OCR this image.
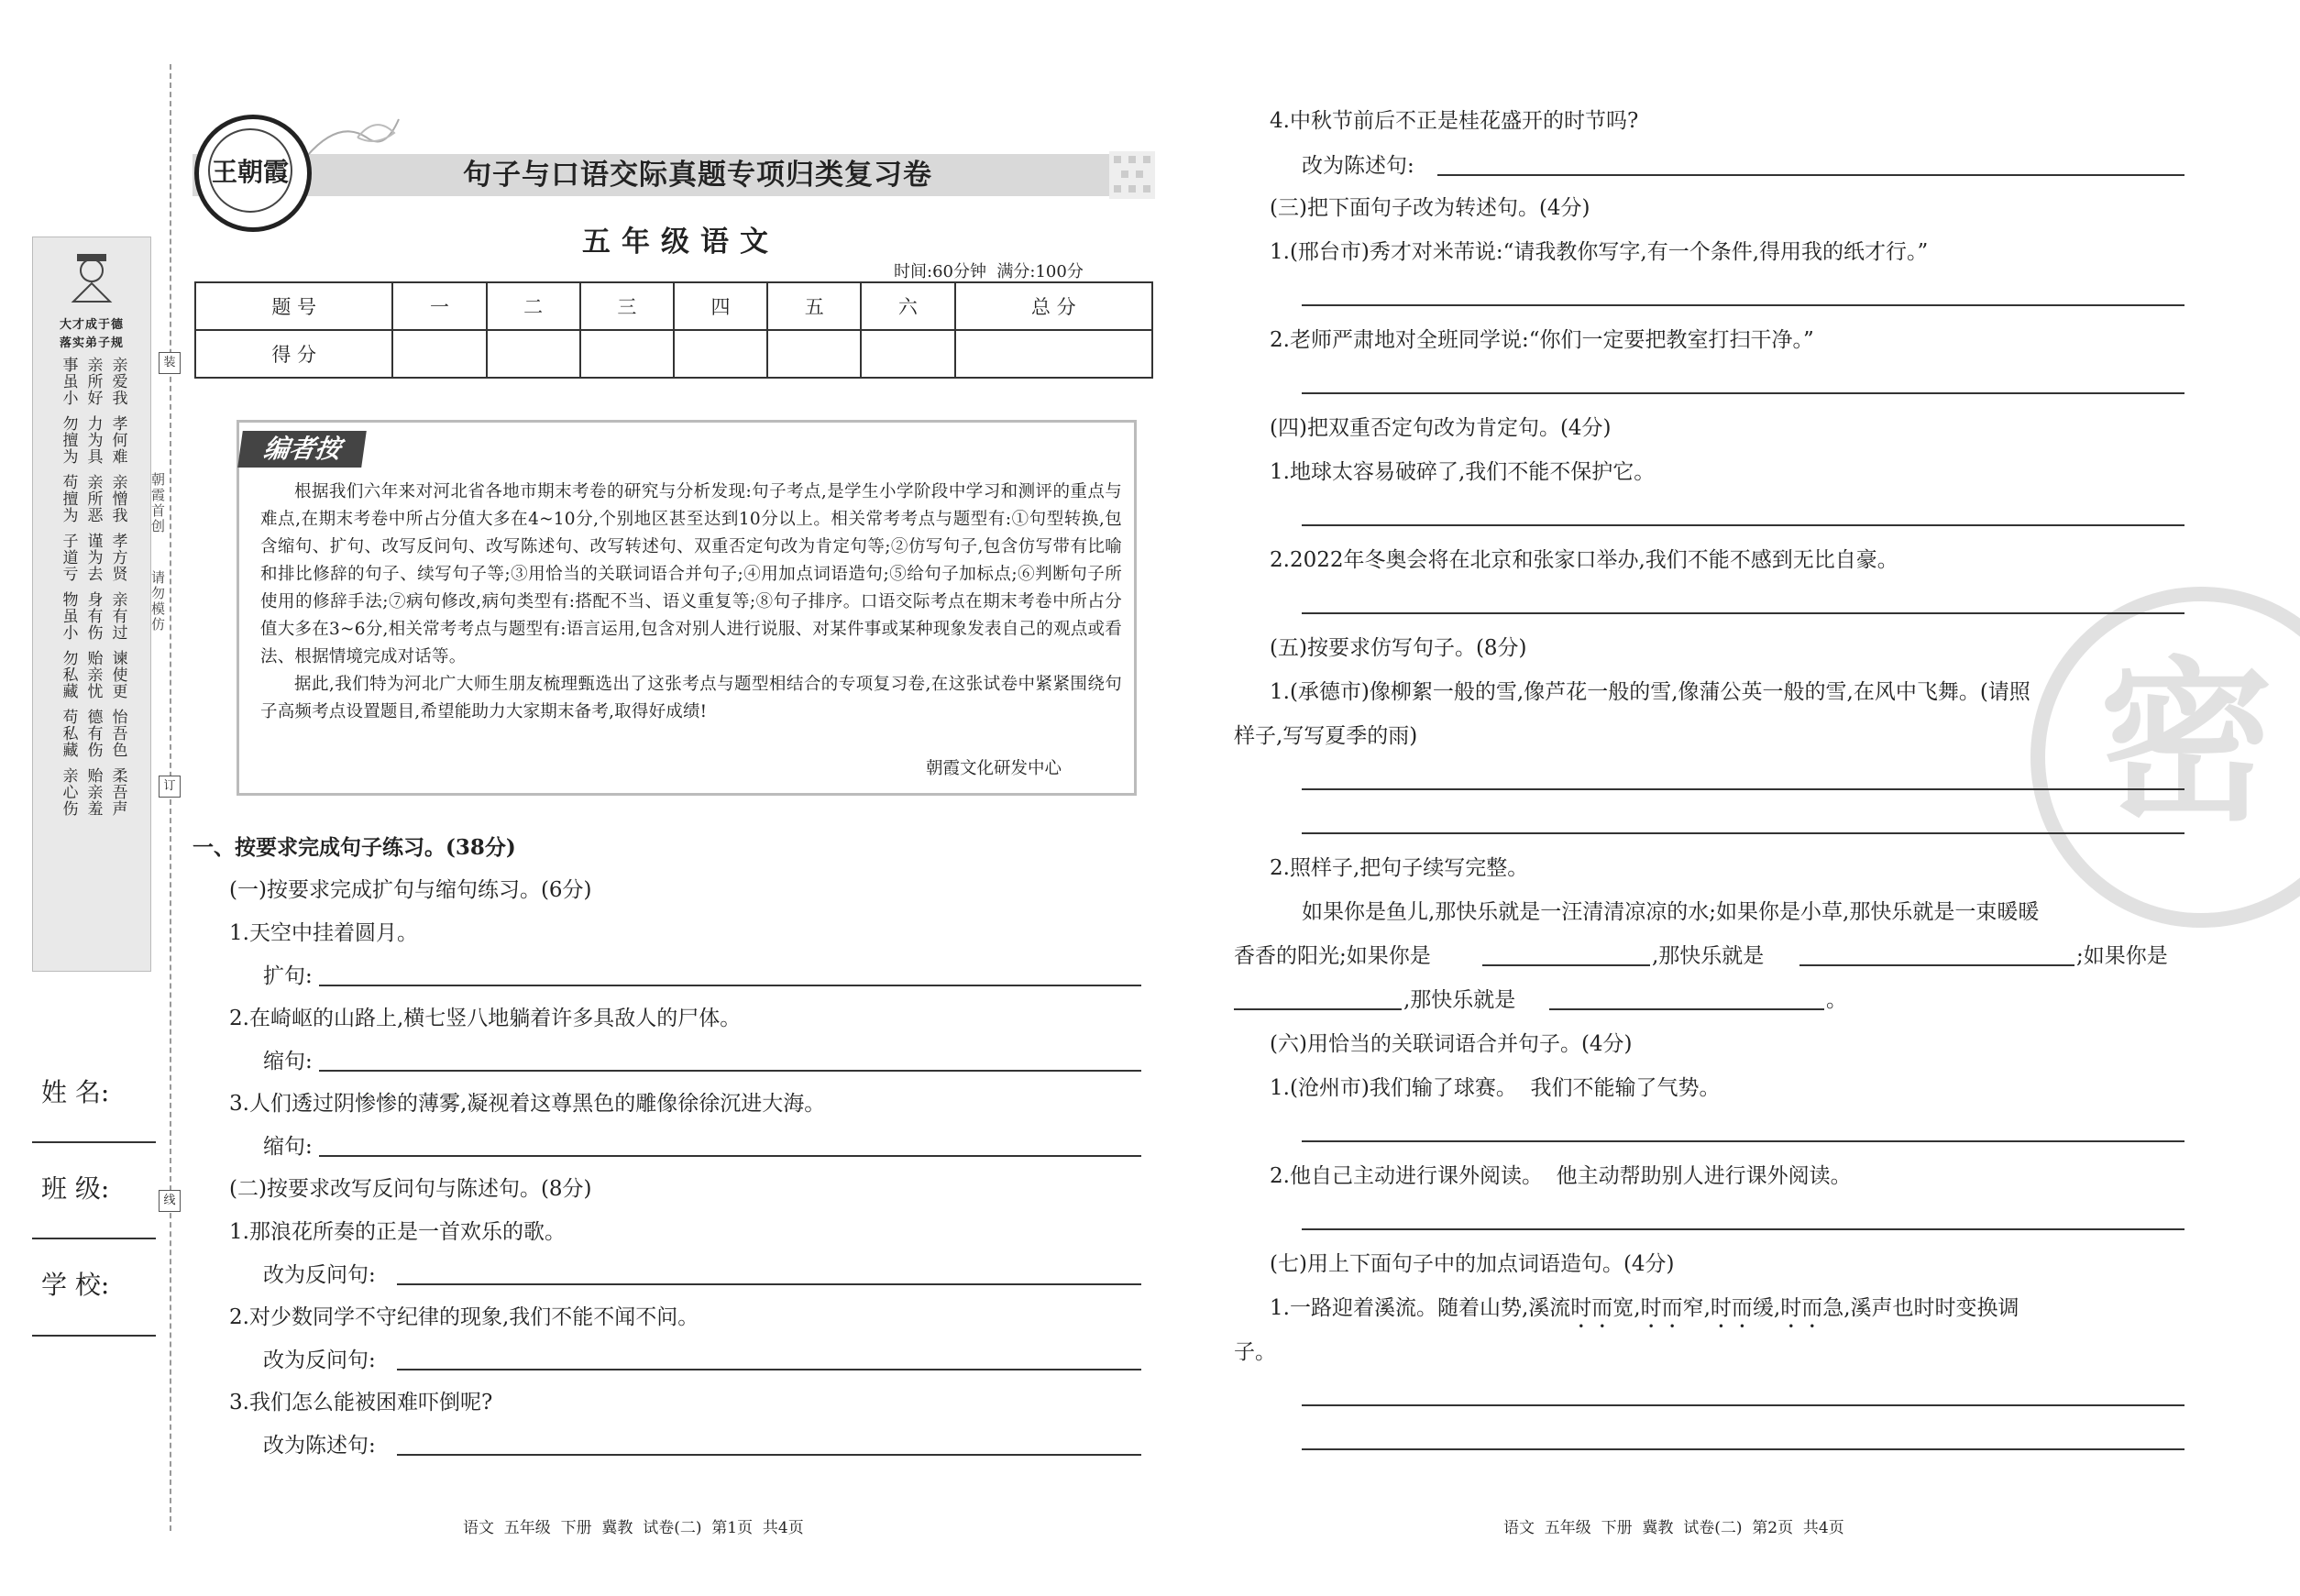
大才成于德
落实弟子规
事虽小 亲所好 亲爱我
勿擅为 力为具 孝何难
苟擅为 亲所恶 亲憎我
子道亏 谨为去 孝方贤
物虽小 身有伤 亲有过
勿私藏 贻亲忧 谏使更
苟私藏 德有伤 怡吾色
亲心伤 贻亲羞 柔吾声
姓 名:
班 级:
学 校:
装
订
线
朝霞首创
请勿模仿
王朝霞	句子与口语交际真题专项归类复习卷
五年级语文
时间:60分钟  满分:100分
题 号	一	二	三	四	五	六	总 分
得 分							
编者按

根据我们六年来对河北省各地市期末考卷的研究与分析发现:句子考点,是学生小学阶段中学习和测评的重点与难点,在期末考卷中所占分值大多在4~10分,个别地区甚至达到10分以上。相关常考考点与题型有:①句型转换,包含缩句、扩句、改写反问句、改写陈述句、改写转述句、双重否定句改为肯定句等;②仿写句子,包含仿写带有比喻和排比修辞的句子、续写句子等;③用恰当的关联词语合并句子;④用加点词语造句;⑤给句子加标点;⑥判断句子所使用的修辞手法;⑦病句修改,病句类型有:搭配不当、语义重复等;⑧句子排序。口语交际考点在期末考卷中所占分值大多在3~6分,相关常考考点与题型有:语言运用,包含对别人进行说服、对某件事或某种现象发表自己的观点或看法、根据情境完成对话等。

据此,我们特为河北广大师生朋友梳理甄选出了这张考点与题型相结合的专项复习卷,在这张试卷中紧紧围绕句子高频考点设置题目,希望能助力大家期末备考,取得好成绩!

朝霞文化研发中心
一、按要求完成句子练习。(38分)
(一)按要求完成扩句与缩句练习。(6分)
1.天空中挂着圆月。
扩句:
2.在崎岖的山路上,横七竖八地躺着许多具敌人的尸体。
缩句:
3.人们透过阴惨惨的薄雾,凝视着这尊黑色的雕像徐徐沉进大海。
缩句:
(二)按要求改写反问句与陈述句。(8分)
1.那浪花所奏的正是一首欢乐的歌。
改为反问句:
2.对少数同学不守纪律的现象,我们不能不闻不问。
改为反问句:
3.我们怎么能被困难吓倒呢?
改为陈述句:
语文  五年级  下册  冀教  试卷(二)  第1页  共4页
密
4.中秋节前后不正是桂花盛开的时节吗?
改为陈述句:
(三)把下面句子改为转述句。(4分)
1.(邢台市)秀才对米芾说:“请我教你写字,有一个条件,得用我的纸才行。”
2.老师严肃地对全班同学说:“你们一定要把教室打扫干净。”
(四)把双重否定句改为肯定句。(4分)
1.地球太容易破碎了,我们不能不保护它。
2.2022年冬奥会将在北京和张家口举办,我们不能不感到无比自豪。
(五)按要求仿写句子。(8分)
1.(承德市)像柳絮一般的雪,像芦花一般的雪,像蒲公英一般的雪,在风中飞舞。(请照
样子,写写夏季的雨)
2.照样子,把句子续写完整。
如果你是鱼儿,那快乐就是一汪清清凉凉的水;如果你是小草,那快乐就是一束暖暖
香香的阳光;如果你是	,那快乐就是	;如果你是
,那快乐就是	。
(六)用恰当的关联词语合并句子。(4分)
1.(沧州市)我们输了球赛。  我们不能输了气势。
2.他自己主动进行课外阅读。  他主动帮助别人进行课外阅读。
(七)用上下面句子中的加点词语造句。(4分)
1.一路迎着溪流。随着山势,溪流时而宽,时而窄,时而缓,时而急,溪声也时时变换调
子。
语文  五年级  下册  冀教  试卷(二)  第2页  共4页
